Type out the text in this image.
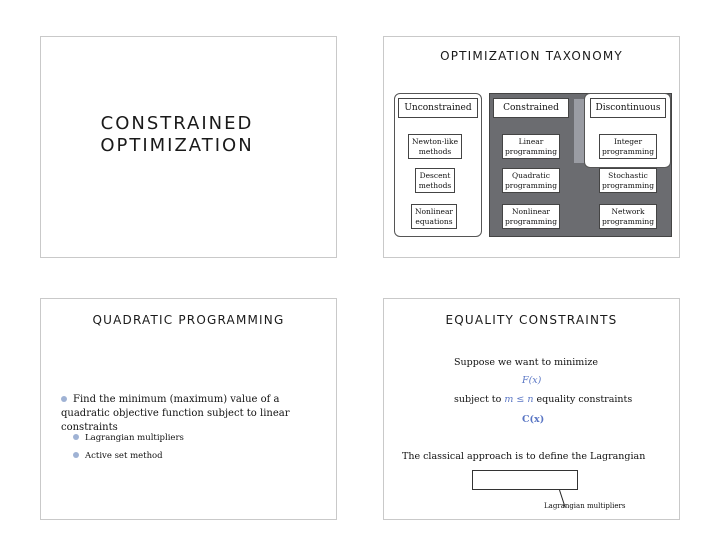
CONSTRAINED OPTIMIZATION
OPTIMIZATION TAXONOMY
Unconstrained	Constrained	Discontinuous
Newton-like methods
Descent methods
Nonlinear equations
Linear programming
Quadratic programming
Nonlinear programming
Integer programming
Stochastic programming
Network programming
QUADRATIC PROGRAMMING
Find the minimum (maximum) value of a quadratic objective function subject to linear constraints
Lagrangian multipliers
Active set method
EQUALITY CONSTRAINTS
Suppose we want to minimize
F(x)
subject to m ≤ n equality constraints
C(x)
The classical approach is to define the Lagrangian
Lagrangian multipliers
